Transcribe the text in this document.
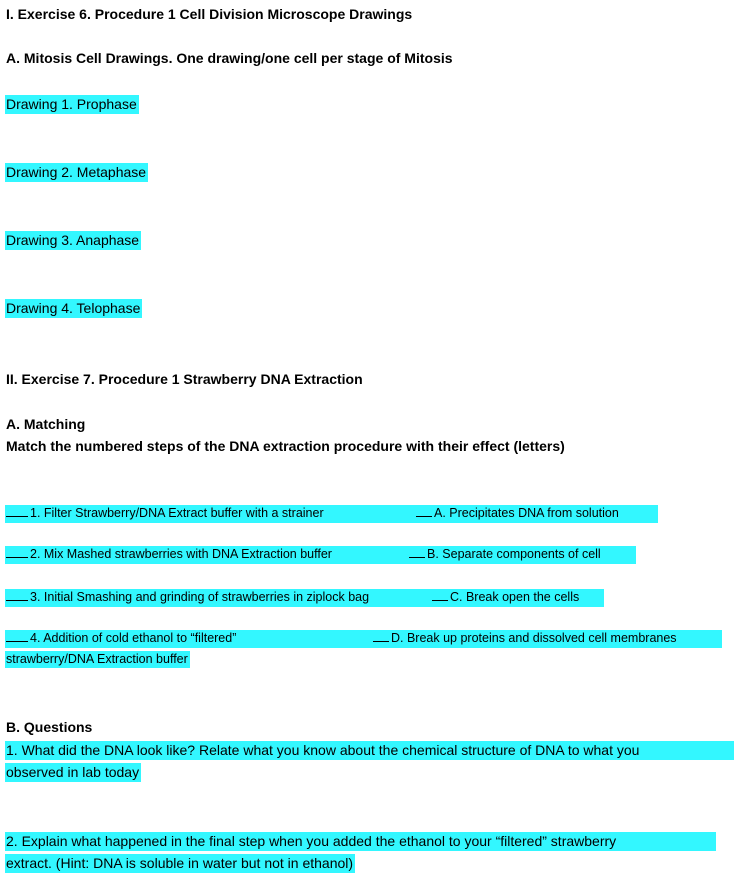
I. Exercise 6. Procedure 1 Cell Division Microscope Drawings
A. Mitosis Cell Drawings. One drawing/one cell per stage of Mitosis
Drawing 1. Prophase
Drawing 2. Metaphase
Drawing 3. Anaphase
Drawing 4. Telophase
II. Exercise 7. Procedure 1 Strawberry DNA Extraction
A. Matching
Match the numbered steps of the DNA extraction procedure with their effect (letters)
1. Filter Strawberry/DNA Extract buffer with a strainer	A. Precipitates DNA from solution
2. Mix Mashed strawberries with DNA Extraction buffer	B. Separate components of cell
3. Initial Smashing and grinding of strawberries in ziplock bag	C. Break open the cells
4. Addition of cold ethanol to “filtered”	D. Break up proteins and dissolved cell membranes
strawberry/DNA Extraction buffer
B. Questions
1. What did the DNA look like? Relate what you know about the chemical structure of DNA to what you
observed in lab today
2. Explain what happened in the final step when you added the ethanol to your “filtered” strawberry
extract. (Hint: DNA is soluble in water but not in ethanol)
